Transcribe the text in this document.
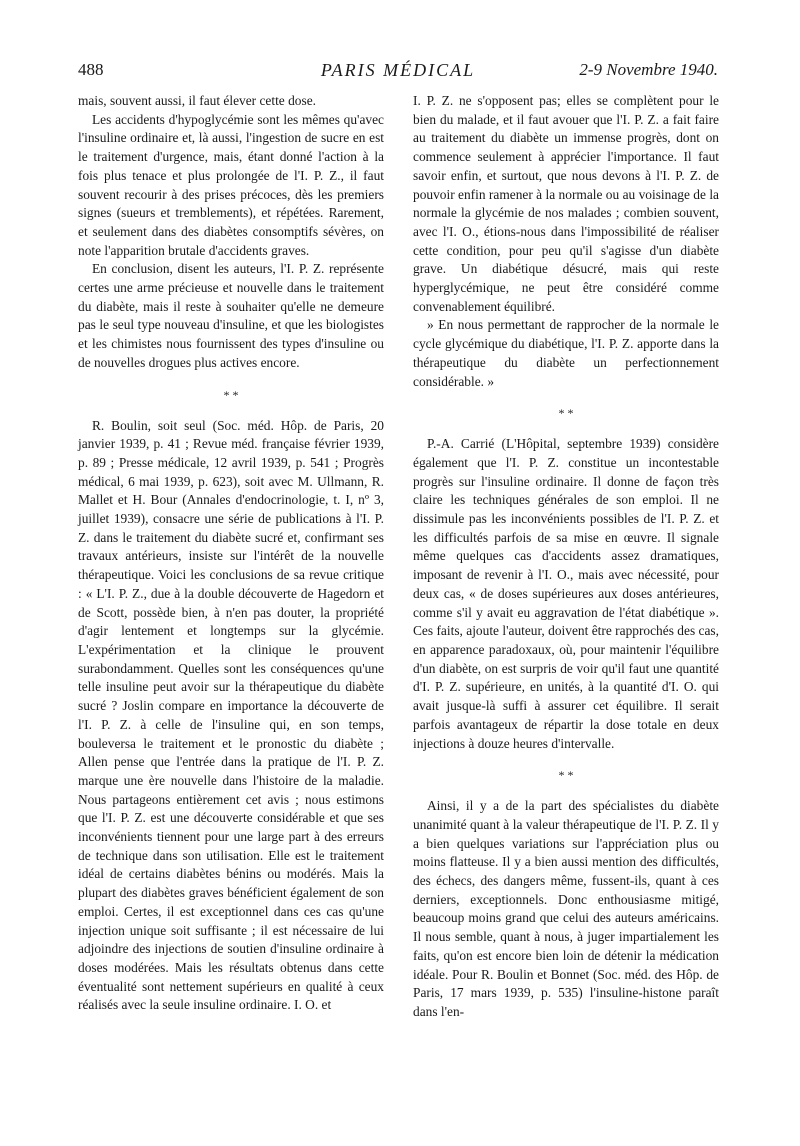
488	PARIS MÉDICAL	2-9 Novembre 1940.

mais, souvent aussi, il faut élever cette dose.

Les accidents d'hypoglycémie sont les mêmes qu'avec l'insuline ordinaire et, là aussi, l'ingestion de sucre en est le traitement d'urgence, mais, étant donné l'action à la fois plus tenace et plus prolongée de l'I. P. Z., il faut souvent recourir à des prises précoces, dès les premiers signes (sueurs et tremblements), et répétées. Rarement, et seulement dans des diabètes consomptifs sévères, on note l'apparition brutale d'accidents graves.

En conclusion, disent les auteurs, l'I. P. Z. représente certes une arme précieuse et nouvelle dans le traitement du diabète, mais il reste à souhaiter qu'elle ne demeure pas le seul type nouveau d'insuline, et que les biologistes et les chimistes nous fournissent des types d'insuline ou de nouvelles drogues plus actives encore.

* *

R. Boulin, soit seul (Soc. méd. Hôp. de Paris, 20 janvier 1939, p. 41 ; Revue méd. française février 1939, p. 89 ; Presse médicale, 12 avril 1939, p. 541 ; Progrès médical, 6 mai 1939, p. 623), soit avec M. Ullmann, R. Mallet et H. Bour (Annales d'endocrinologie, t. I, nº 3, juillet 1939), consacre une série de publications à l'I. P. Z. dans le traitement du diabète sucré et, confirmant ses travaux antérieurs, insiste sur l'intérêt de la nouvelle thérapeutique. Voici les conclusions de sa revue critique : « L'I. P. Z., due à la double découverte de Hagedorn et de Scott, possède bien, à n'en pas douter, la propriété d'agir lentement et longtemps sur la glycémie. L'expérimentation et la clinique le prouvent surabondamment. Quelles sont les conséquences qu'une telle insuline peut avoir sur la thérapeutique du diabète sucré ? Joslin compare en importance la découverte de l'I. P. Z. à celle de l'insuline qui, en son temps, bouleversa le traitement et le pronostic du diabète ; Allen pense que l'entrée dans la pratique de l'I. P. Z. marque une ère nouvelle dans l'histoire de la maladie. Nous partageons entièrement cet avis ; nous estimons que l'I. P. Z. est une découverte considérable et que ses inconvénients tiennent pour une large part à des erreurs de technique dans son utilisation. Elle est le traitement idéal de certains diabètes bénins ou modérés. Mais la plupart des diabètes graves bénéficient également de son emploi. Certes, il est exceptionnel dans ces cas qu'une injection unique soit suffisante ; il est nécessaire de lui adjoindre des injections de soutien d'insuline ordinaire à doses modérées. Mais les résultats obtenus dans cette éventualité sont nettement supérieurs en qualité à ceux réalisés avec la seule insuline ordinaire. I. O. et

I. P. Z. ne s'opposent pas; elles se complètent pour le bien du malade, et il faut avouer que l'I. P. Z. a fait faire au traitement du diabète un immense progrès, dont on commence seulement à apprécier l'importance. Il faut savoir enfin, et surtout, que nous devons à l'I. P. Z. de pouvoir enfin ramener à la normale ou au voisinage de la normale la glycémie de nos malades ; combien souvent, avec l'I. O., étions-nous dans l'impossibilité de réaliser cette condition, pour peu qu'il s'agisse d'un diabète grave. Un diabétique désucré, mais qui reste hyperglycémique, ne peut être considéré comme convenablement équilibré.

» En nous permettant de rapprocher de la normale le cycle glycémique du diabétique, l'I. P. Z. apporte dans la thérapeutique du diabète un perfectionnement considérable. »

* *

P.-A. Carrié (L'Hôpital, septembre 1939) considère également que l'I. P. Z. constitue un incontestable progrès sur l'insuline ordinaire. Il donne de façon très claire les techniques générales de son emploi. Il ne dissimule pas les inconvénients possibles de l'I. P. Z. et les difficultés parfois de sa mise en œuvre. Il signale même quelques cas d'accidents assez dramatiques, imposant de revenir à l'I. O., mais avec nécessité, pour deux cas, « de doses supérieures aux doses antérieures, comme s'il y avait eu aggravation de l'état diabétique ». Ces faits, ajoute l'auteur, doivent être rapprochés des cas, en apparence paradoxaux, où, pour maintenir l'équilibre d'un diabète, on est surpris de voir qu'il faut une quantité d'I. P. Z. supérieure, en unités, à la quantité d'I. O. qui avait jusque-là suffi à assurer cet équilibre. Il serait parfois avantageux de répartir la dose totale en deux injections à douze heures d'intervalle.

* *

Ainsi, il y a de la part des spécialistes du diabète unanimité quant à la valeur thérapeutique de l'I. P. Z. Il y a bien quelques variations sur l'appréciation plus ou moins flatteuse. Il y a bien aussi mention des difficultés, des échecs, des dangers même, fussent-ils, quant à ces derniers, exceptionnels. Donc enthousiasme mitigé, beaucoup moins grand que celui des auteurs américains. Il nous semble, quant à nous, à juger impartialement les faits, qu'on est encore bien loin de détenir la médication idéale. Pour R. Boulin et Bonnet (Soc. méd. des Hôp. de Paris, 17 mars 1939, p. 535) l'insuline-histone paraît dans l'en-
